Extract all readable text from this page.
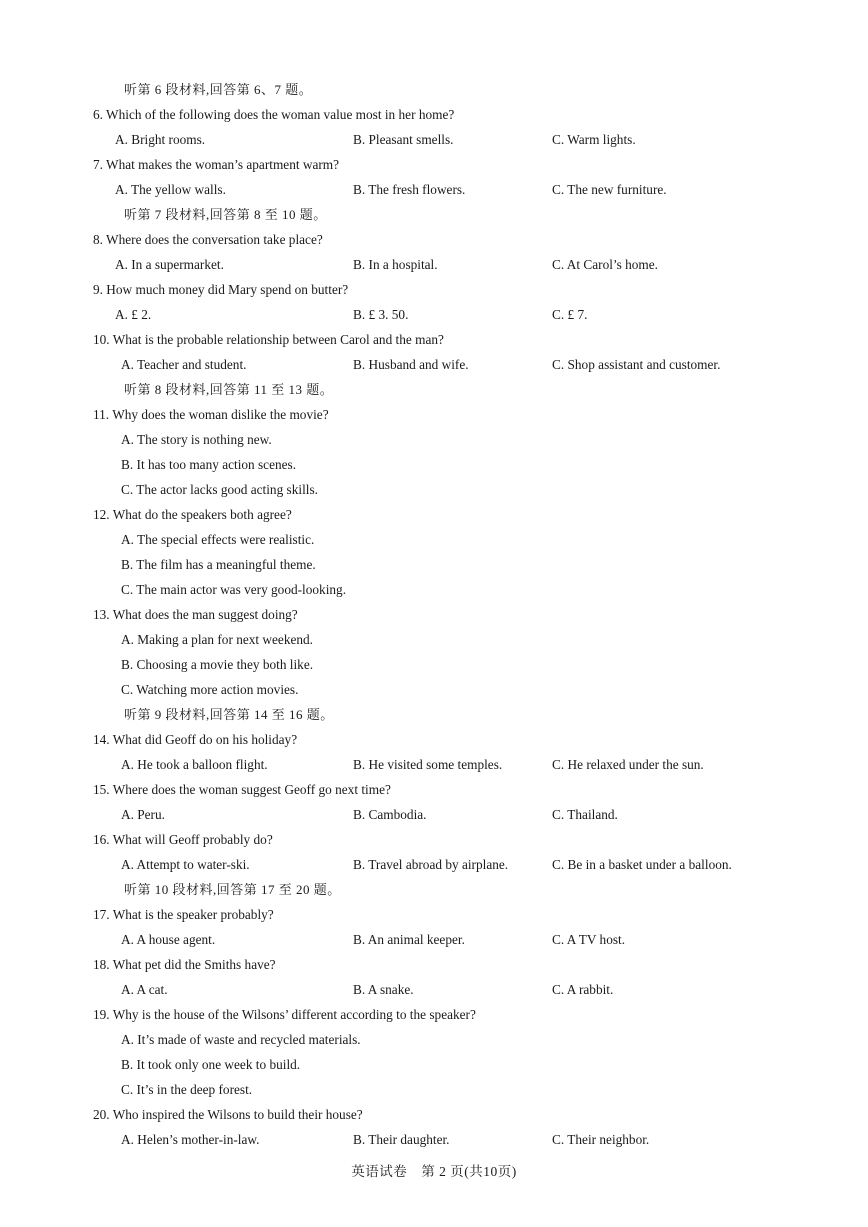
听第 6 段材料,回答第 6、7 题。
6. Which of the following does the woman value most in her home?
A. Bright rooms.	B. Pleasant smells.	C. Warm lights.
7. What makes the woman’s apartment warm?
A. The yellow walls.	B. The fresh flowers.	C. The new furniture.
听第 7 段材料,回答第 8 至 10 题。
8. Where does the conversation take place?
A. In a supermarket.	B. In a hospital.	C. At Carol’s home.
9. How much money did Mary spend on butter?
A. £ 2.	B. £ 3. 50.	C. £ 7.
10. What is the probable relationship between Carol and the man?
A. Teacher and student.	B. Husband and wife.	C. Shop assistant and customer.
听第 8 段材料,回答第 11 至 13 题。
11. Why does the woman dislike the movie?
A. The story is nothing new.
B. It has too many action scenes.
C. The actor lacks good acting skills.
12. What do the speakers both agree?
A. The special effects were realistic.
B. The film has a meaningful theme.
C. The main actor was very good-looking.
13. What does the man suggest doing?
A. Making a plan for next weekend.
B. Choosing a movie they both like.
C. Watching more action movies.
听第 9 段材料,回答第 14 至 16 题。
14. What did Geoff do on his holiday?
A. He took a balloon flight.	B. He visited some temples.	C. He relaxed under the sun.
15. Where does the woman suggest Geoff go next time?
A. Peru.	B. Cambodia.	C. Thailand.
16. What will Geoff probably do?
A. Attempt to water-ski.	B. Travel abroad by airplane.	C. Be in a basket under a balloon.
听第 10 段材料,回答第 17 至 20 题。
17. What is the speaker probably?
A. A house agent.	B. An animal keeper.	C. A TV host.
18. What pet did the Smiths have?
A. A cat.	B. A snake.	C. A rabbit.
19. Why is the house of the Wilsons’ different according to the speaker?
A. It’s made of waste and recycled materials.
B. It took only one week to build.
C. It’s in the deep forest.
20. Who inspired the Wilsons to build their house?
A. Helen’s mother-in-law.	B. Their daughter.	C. Their neighbor.
英语试卷　第 2 页(共10页)
